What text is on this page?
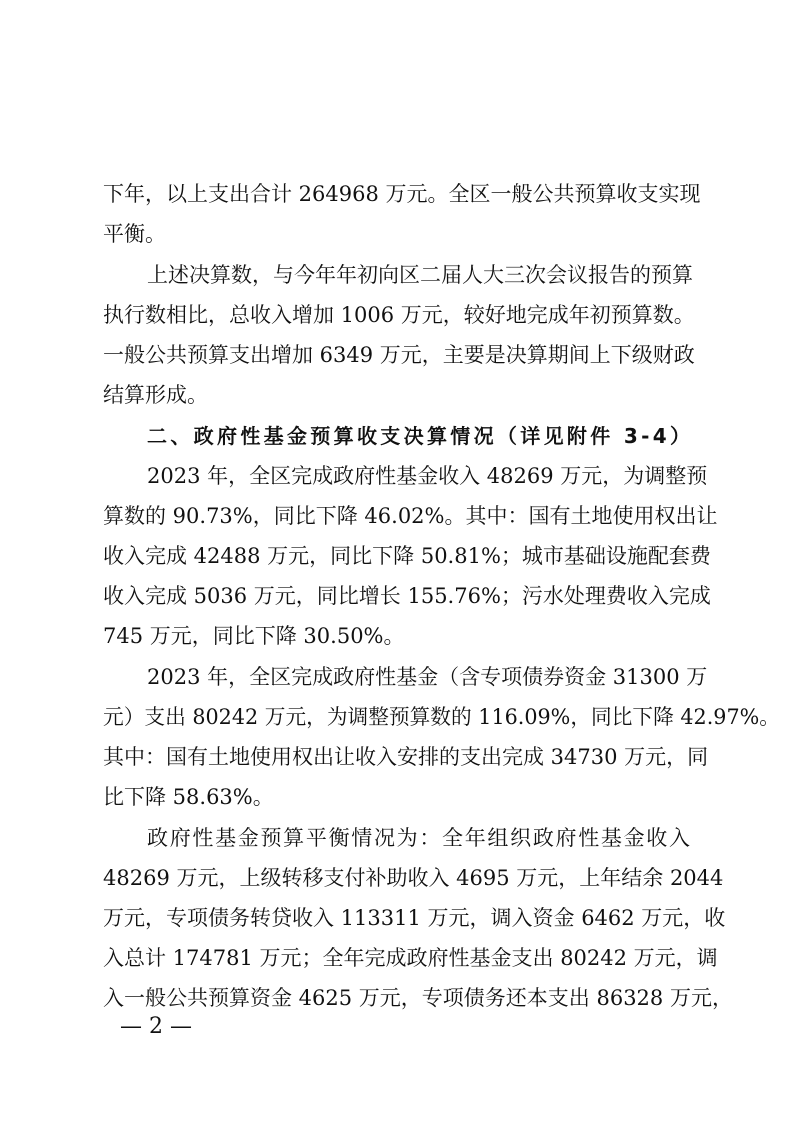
下年，以上支出合计 264968 万元。全区一般公共预算收支实现

平衡。

上述决算数，与今年年初向区二届人大三次会议报告的预算

执行数相比，总收入增加 1006 万元，较好地完成年初预算数。

一般公共预算支出增加 6349 万元，主要是决算期间上下级财政

结算形成。

二、政府性基金预算收支决算情况（详见附件 3-4）

2023 年，全区完成政府性基金收入 48269 万元，为调整预

算数的 90.73%，同比下降 46.02%。其中：国有土地使用权出让

收入完成 42488 万元，同比下降 50.81%；城市基础设施配套费

收入完成 5036 万元，同比增长 155.76%；污水处理费收入完成

745 万元，同比下降 30.50%。

2023 年，全区完成政府性基金（含专项债券资金 31300 万

元）支出 80242 万元，为调整预算数的 116.09%，同比下降 42.97%。

其中：国有土地使用权出让收入安排的支出完成 34730 万元，同

比下降 58.63%。

政府性基金预算平衡情况为：全年组织政府性基金收入

48269 万元，上级转移支付补助收入 4695 万元，上年结余 2044

万元，专项债务转贷收入 113311 万元，调入资金 6462 万元，收

入总计 174781 万元；全年完成政府性基金支出 80242 万元，调

入一般公共预算资金 4625 万元，专项债务还本支出 86328 万元，

— 2 —
